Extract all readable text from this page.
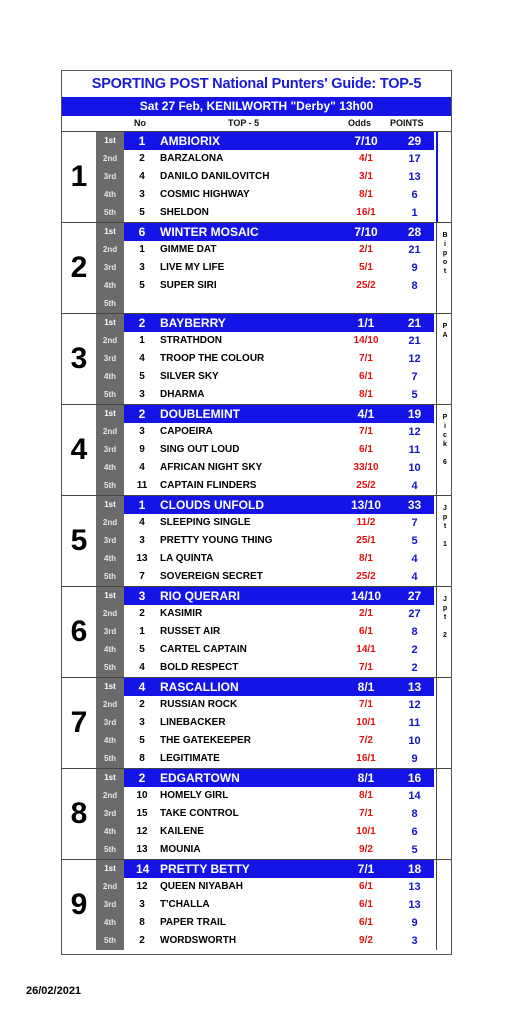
SPORTING POST National Punters' Guide: TOP-5
Sat 27 Feb, KENILWORTH "Derby" 13h00
No	TOP - 5	Odds POINTS
1
1st	1 AMBIORIX	7/10	29
2nd	2	BARZALONA	4/1	17
3rd	4	DANILO DANILOVITCH	3/1	13
4th	3	COSMIC HIGHWAY	8/1	6
5th	5	SHELDON	16/1	1
2
1st	6 WINTER MOSAIC	7/10	28
2nd	1	GIMME DAT	2/1	21
3rd	3	LIVE MY LIFE	5/1	9
4th	5	SUPER SIRI	25/2	8
5th
B
i
p
o
t
3
1st	2 BAYBERRY	1/1	21
2nd	1	STRATHDON	14/10	21
3rd	4	TROOP THE COLOUR	7/1	12
4th	5	SILVER SKY	6/1	7
5th	3	DHARMA	8/1	5
P
A
4
1st	2 DOUBLEMINT	4/1	19
2nd	3	CAPOEIRA	7/1	12
3rd	9	SING OUT LOUD	6/1	11
4th	4	AFRICAN NIGHT SKY	33/10	10
5th	11 CAPTAIN FLINDERS	25/2	4
P
i
c
k

6
5
1st	1 CLOUDS UNFOLD	13/10	33
2nd	4	SLEEPING SINGLE	11/2	7
3rd	3	PRETTY YOUNG THING	25/1	5
4th	13 LA QUINTA	8/1	4
5th	7	SOVEREIGN SECRET	25/2	4
J
p
t

1
6
1st	3 RIO QUERARI	14/10	27
2nd	2	KASIMIR	2/1	27
3rd	1	RUSSET AIR	6/1	8
4th	5	CARTEL CAPTAIN	14/1	2
5th	4	BOLD RESPECT	7/1	2
J
p
t

2
7
1st	4 RASCALLION	8/1	13
2nd	2	RUSSIAN ROCK	7/1	12
3rd	3	LINEBACKER	10/1	11
4th	5	THE GATEKEEPER	7/2	10
5th	8	LEGITIMATE	16/1	9
8
1st	2 EDGARTOWN	8/1	16
2nd	10 HOMELY GIRL	8/1	14
3rd	15 TAKE CONTROL	7/1	8
4th	12 KAILENE	10/1	6
5th	13 MOUNIA	9/2	5
9
1st	14 PRETTY BETTY	7/1	18
2nd	12 QUEEN NIYABAH	6/1	13
3rd	3	T'CHALLA	6/1	13
4th	8	PAPER TRAIL	6/1	9
5th	2	WORDSWORTH	9/2	3
26/02/2021
